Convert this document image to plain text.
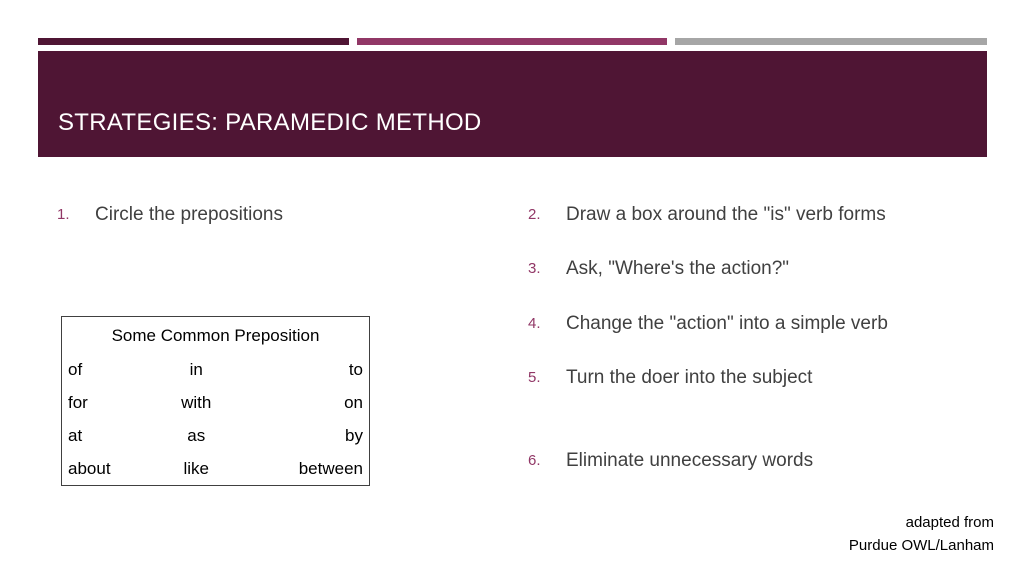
STRATEGIES: PARAMEDIC METHOD
1. Circle the prepositions	2. Draw a box around the "is" verb forms
3. Ask, "Where's the action?"
4. Change the "action" into a simple verb
5. Turn the doer into the subject
6. Eliminate unnecessary words
Some Common Preposition		
of	in	to
for	with	on
at	as	by
about	like	between
adapted from
Purdue OWL/Lanham
